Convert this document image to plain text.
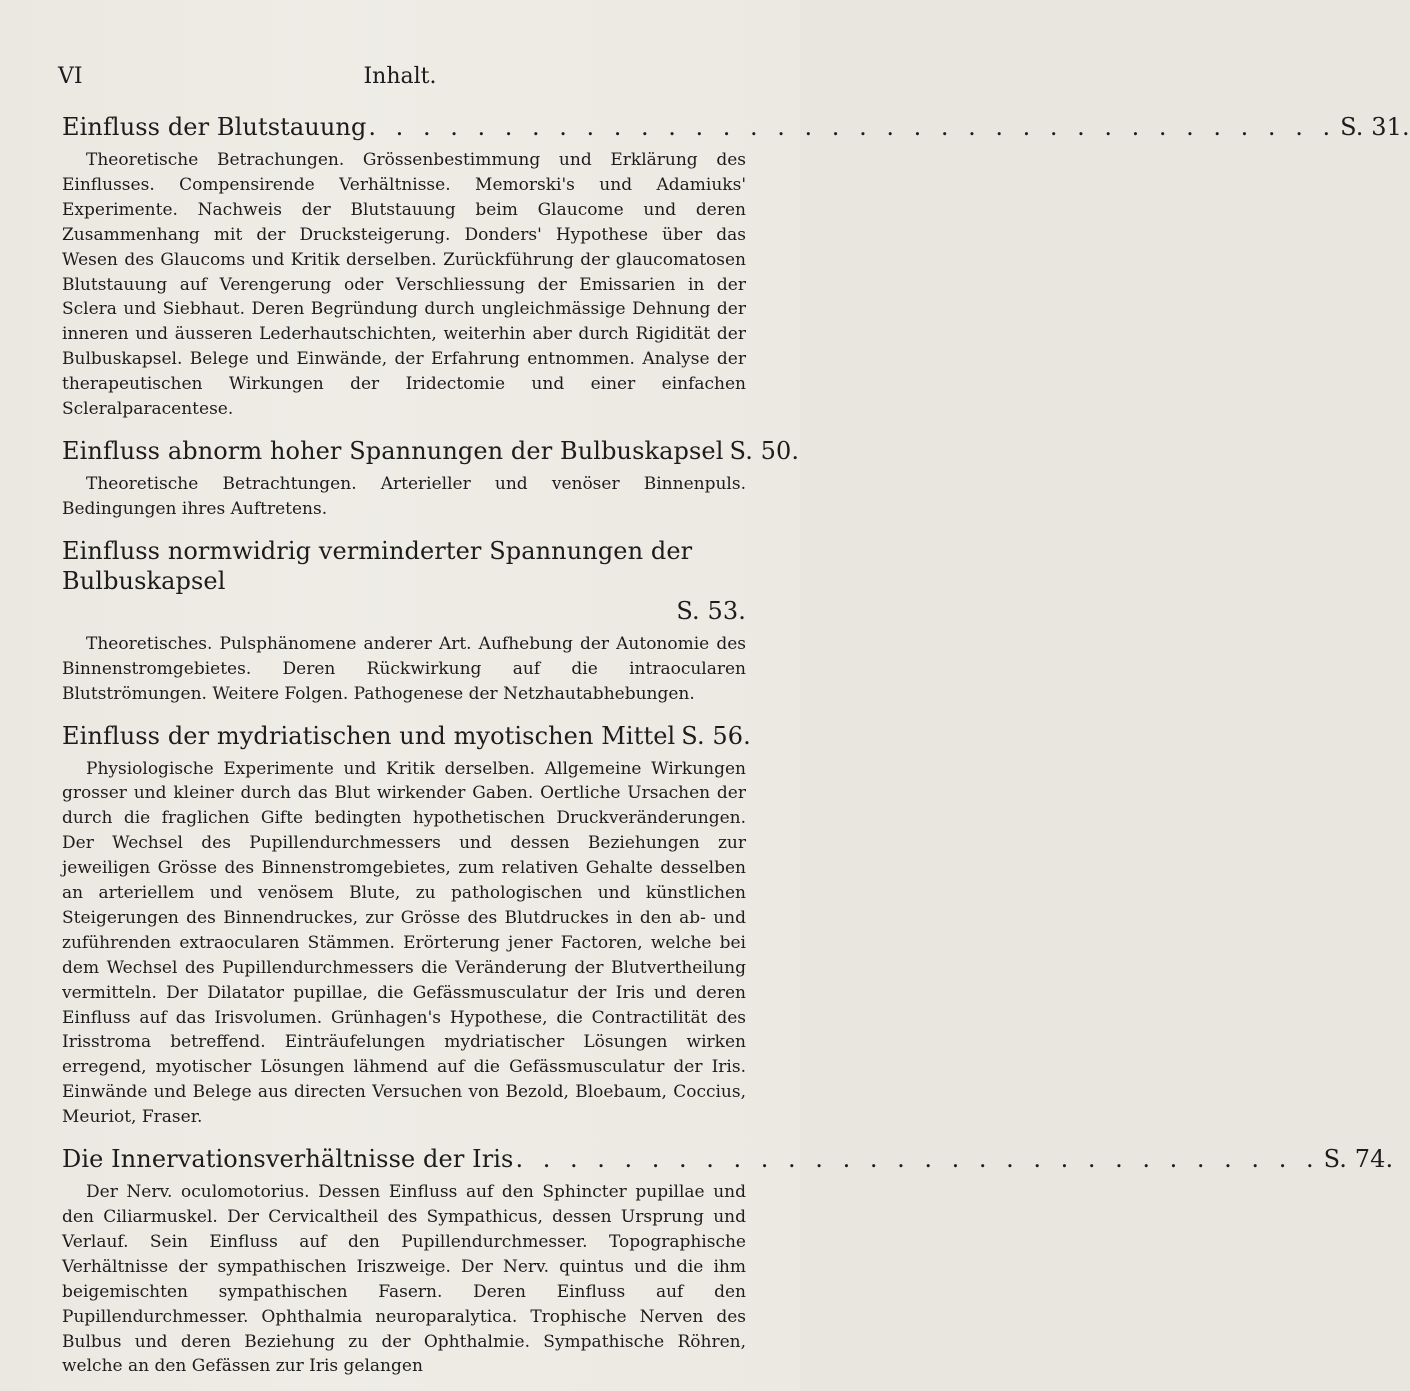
VI	Inhalt.
Einfluss der Blutstauung . . . . . . . . . . . . . . . . . . . . . . . . . . . . . . . . . . . . S. 31.

Theoretische Betrachungen. Grössenbestimmung und Erklärung des Einflusses. Compensirende Verhältnisse. Memorski's und Adamiuks' Experimente. Nachweis der Blutstauung beim Glaucome und deren Zusammenhang mit der Drucksteigerung. Donders' Hypothese über das Wesen des Glaucoms und Kritik derselben. Zurückführung der glaucomatosen Blutstauung auf Verengerung oder Verschliessung der Emissarien in der Sclera und Siebhaut. Deren Begründung durch ungleichmässige Dehnung der inneren und äusseren Lederhautschichten, weiterhin aber durch Rigidität der Bulbuskapsel. Belege und Einwände, der Erfahrung entnommen. Analyse der therapeutischen Wirkungen der Iridectomie und einer einfachen Scleralparacentese.

Einfluss abnorm hoher Spannungen der Bulbuskapsel S. 50.

Theoretische Betrachtungen. Arterieller und venöser Binnenpuls. Bedingungen ihres Auftretens.

Einfluss normwidrig verminderter Spannungen der Bulbuskapsel
S. 53.

Theoretisches. Pulsphänomene anderer Art. Aufhebung der Autonomie des Binnenstromgebietes. Deren Rückwirkung auf die intraocularen Blutströmungen. Weitere Folgen. Pathogenese der Netzhautabhebungen.

Einfluss der mydriatischen und myotischen Mittel S. 56.

Physiologische Experimente und Kritik derselben. Allgemeine Wirkungen grosser und kleiner durch das Blut wirkender Gaben. Oertliche Ursachen der durch die fraglichen Gifte bedingten hypothetischen Druckveränderungen. Der Wechsel des Pupillendurchmessers und dessen Beziehungen zur jeweiligen Grösse des Binnenstromgebietes, zum relativen Gehalte desselben an arteriellem und venösem Blute, zu pathologischen und künstlichen Steigerungen des Binnendruckes, zur Grösse des Blutdruckes in den ab- und zuführenden extraocularen Stämmen. Erörterung jener Factoren, welche bei dem Wechsel des Pupillendurchmessers die Veränderung der Blutvertheilung vermitteln. Der Dilatator pupillae, die Gefässmusculatur der Iris und deren Einfluss auf das Irisvolumen. Grünhagen's Hypothese, die Contractilität des Irisstroma betreffend. Einträufelungen mydriatischer Lösungen wirken erregend, myotischer Lösungen lähmend auf die Gefässmusculatur der Iris. Einwände und Belege aus directen Versuchen von Bezold, Bloebaum, Coccius, Meuriot, Fraser.

Die Innervationsverhältnisse der Iris . . . . . . . . . . . . . . . . . . . . . . . . . . . . . . S. 74.

Der Nerv. oculomotorius. Dessen Einfluss auf den Sphincter pupillae und den Ciliarmuskel. Der Cervicaltheil des Sympathicus, dessen Ursprung und Verlauf. Sein Einfluss auf den Pupillendurchmesser. Topographische Verhältnisse der sympathischen Iriszweige. Der Nerv. quintus und die ihm beigemischten sympathischen Fasern. Deren Einfluss auf den Pupillendurchmesser. Ophthalmia neuroparalytica. Trophische Nerven des Bulbus und deren Beziehung zu der Ophthalmie. Sympathische Röhren, welche an den Gefässen zur Iris gelangen
